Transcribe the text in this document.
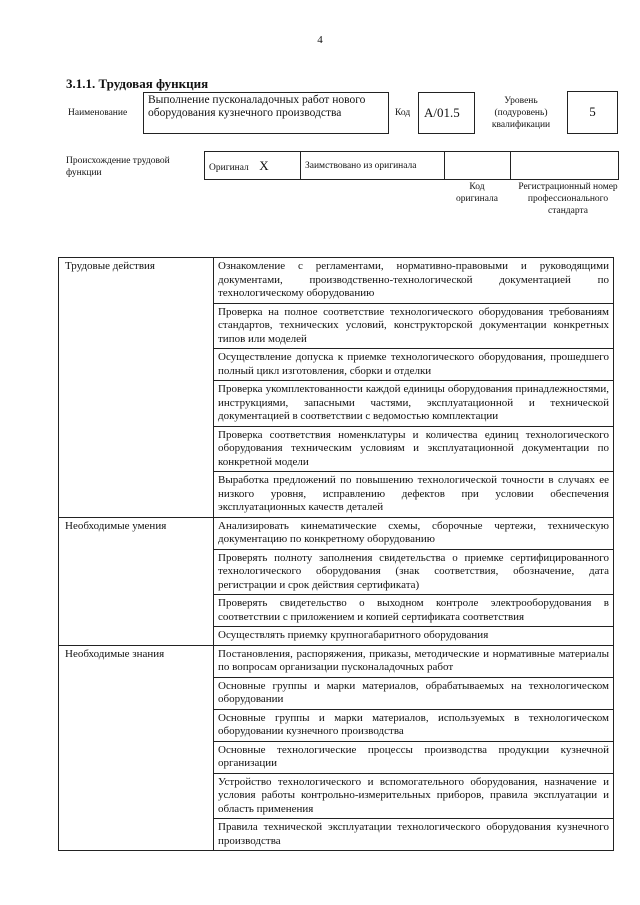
4
3.1.1. Трудовая функция
Наименование
Выполнение пусконаладочных работ нового оборудования кузнечного производства	Код	А/01.5
Уровень (подуровень) квалификации
5
Происхождение трудовой функции
Оригинал Х	Заимствовано из оригинала		
Код оригинала
Регистрационный номер профессионального стандарта
Трудовые действия	Ознакомление с регламентами, нормативно-правовыми и руководящими документами, производственно-технологической документацией по технологическому оборудованию
	Проверка на полное соответствие технологического оборудования требованиям стандартов, технических условий, конструкторской документации конкретных типов или моделей
	Осуществление допуска к приемке технологического оборудования, прошедшего полный цикл изготовления, сборки и отделки
	Проверка укомплектованности каждой единицы оборудования принадлежностями, инструкциями, запасными частями, эксплуатационной и технической документацией в соответствии с ведомостью комплектации
	Проверка соответствия номенклатуры и количества единиц технологического оборудования техническим условиям и эксплуатационной документации по конкретной модели
	Выработка предложений по повышению технологической точности в случаях ее низкого уровня, исправлению дефектов при условии обеспечения эксплуатационных качеств деталей
Необходимые умения	Анализировать кинематические схемы, сборочные чертежи, техническую документацию по конкретному оборудованию
	Проверять полноту заполнения свидетельства о приемке сертифицированного технологического оборудования (знак соответствия, обозначение, дата регистрации и срок действия сертификата)
	Проверять свидетельство о выходном контроле электрооборудования в соответствии с приложением и копией сертификата соответствия
	Осуществлять приемку крупногабаритного оборудования
Необходимые знания	Постановления, распоряжения, приказы, методические и нормативные материалы по вопросам организации пусконаладочных работ
	Основные группы и марки материалов, обрабатываемых на технологическом оборудовании
	Основные группы и марки материалов, используемых в технологическом оборудовании кузнечного производства
	Основные технологические процессы производства продукции кузнечной организации
	Устройство технологического и вспомогательного оборудования, назначение и условия работы контрольно-измерительных приборов, правила эксплуатации и область применения
	Правила технической эксплуатации технологического оборудования кузнечного производства
